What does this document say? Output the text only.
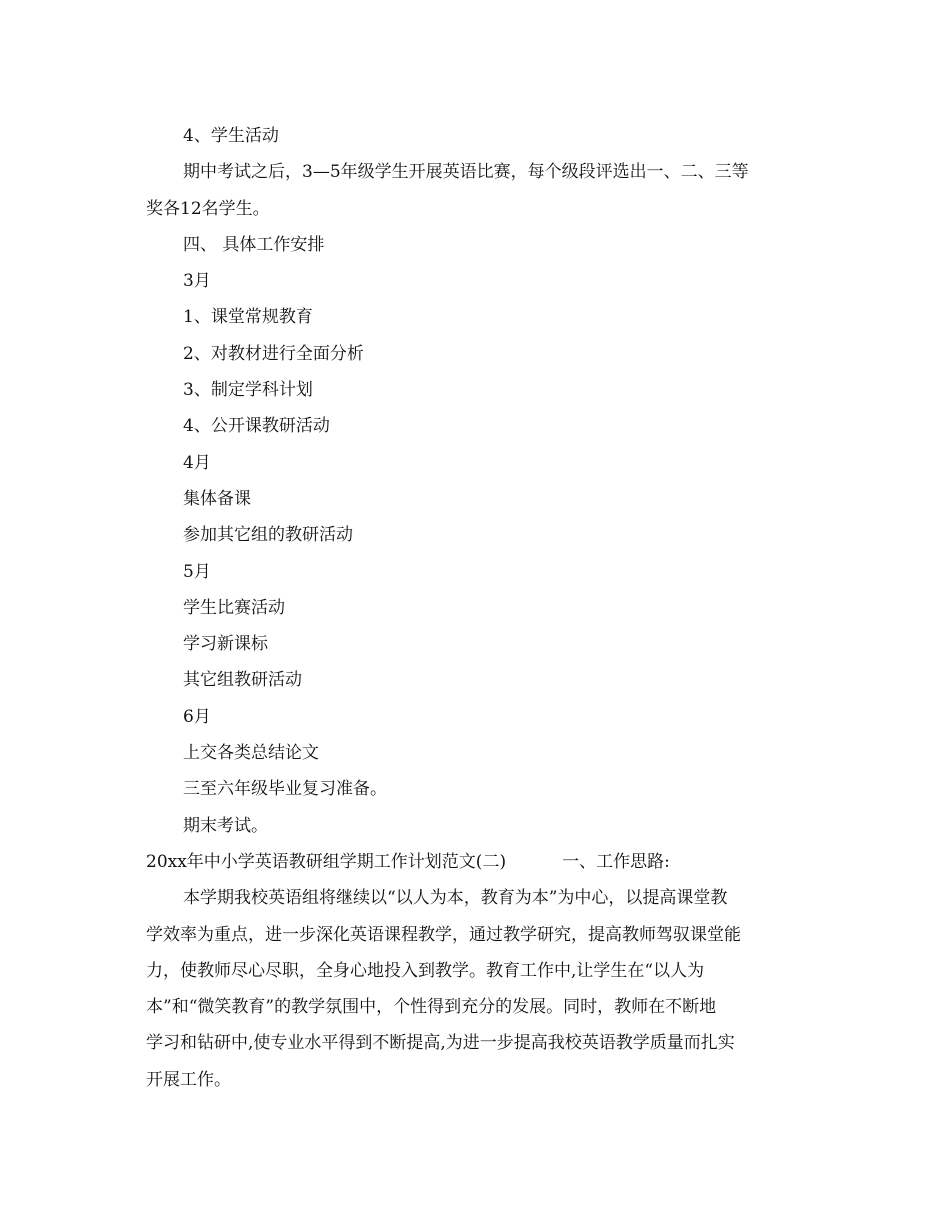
4、学生活动
期中考试之后，3—5年级学生开展英语比赛，每个级段评选出一、二、三等
奖各12名学生。
四、 具体工作安排
3月
1、课堂常规教育
2、对教材进行全面分析
3、制定学科计划
4、公开课教研活动
4月
集体备课
参加其它组的教研活动
5月
学生比赛活动
学习新课标
其它组教研活动
6月
上交各类总结论文
三至六年级毕业复习准备。
期末考试。
20xx年中小学英语教研组学期工作计划范文(二)	一、工作思路:
本学期我校英语组将继续以“以人为本，教育为本”为中心，以提高课堂教
学效率为重点，进一步深化英语课程教学，通过教学研究，提高教师驾驭课堂能
力，使教师尽心尽职，全身心地投入到教学。教育工作中,让学生在“以人为
本”和“微笑教育”的教学氛围中，个性得到充分的发展。同时，教师在不断地
学习和钻研中,使专业水平得到不断提高,为进一步提高我校英语教学质量而扎实
开展工作。
